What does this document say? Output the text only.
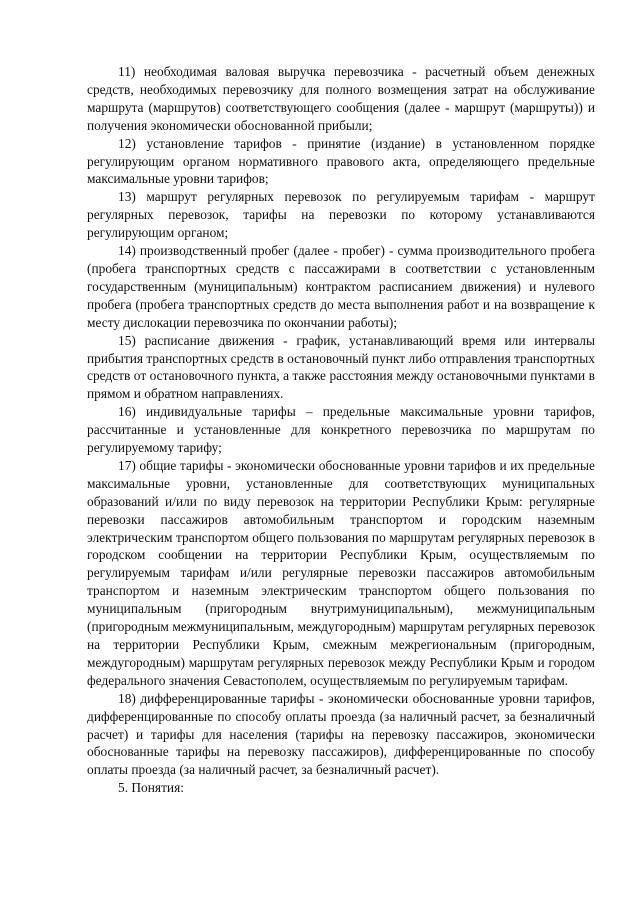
11) необходимая валовая выручка перевозчика - расчетный объем денежных средств, необходимых перевозчику для полного возмещения затрат на обслуживание маршрута (маршрутов) соответствующего сообщения (далее - маршрут (маршруты)) и получения экономически обоснованной прибыли;

12) установление тарифов - принятие (издание) в установленном порядке регулирующим органом нормативного правового акта, определяющего предельные максимальные уровни тарифов;

13) маршрут регулярных перевозок по регулируемым тарифам - маршрут регулярных перевозок, тарифы на перевозки по которому устанавливаются регулирующим органом;

14) производственный пробег (далее - пробег) - сумма производительного пробега (пробега транспортных средств с пассажирами в соответствии с установленным государственным (муниципальным) контрактом расписанием движения) и нулевого пробега (пробега транспортных средств до места выполнения работ и на возвращение к месту дислокации перевозчика по окончании работы);

15) расписание движения - график, устанавливающий время или интервалы прибытия транспортных средств в остановочный пункт либо отправления транспортных средств от остановочного пункта, а также расстояния между остановочными пунктами в прямом и обратном направлениях.

16) индивидуальные тарифы – предельные максимальные уровни тарифов, рассчитанные и установленные для конкретного перевозчика по маршрутам по регулируемому тарифу;

17) общие тарифы - экономически обоснованные уровни тарифов и их предельные максимальные уровни, установленные для соответствующих муниципальных образований и/или по виду перевозок на территории Республики Крым: регулярные перевозки пассажиров автомобильным транспортом и городским наземным электрическим транспортом общего пользования по маршрутам регулярных перевозок в городском сообщении на территории Республики Крым, осуществляемым по регулируемым тарифам и/или регулярные перевозки пассажиров автомобильным транспортом и наземным электрическим транспортом общего пользования по муниципальным (пригородным внутримуниципальным), межмуниципальным (пригородным межмуниципальным, междугородным) маршрутам регулярных перевозок на территории Республики Крым, смежным межрегиональным (пригородным, междугородным) маршрутам регулярных перевозок между Республики Крым и городом федерального значения Севастополем, осуществляемым по регулируемым тарифам.

18) дифференцированные тарифы - экономически обоснованные уровни тарифов, дифференцированные по способу оплаты проезда (за наличный расчет, за безналичный расчет) и тарифы для населения (тарифы на перевозку пассажиров, экономически обоснованные тарифы на перевозку пассажиров), дифференцированные по способу оплаты проезда (за наличный расчет, за безналичный расчет).

5. Понятия:
